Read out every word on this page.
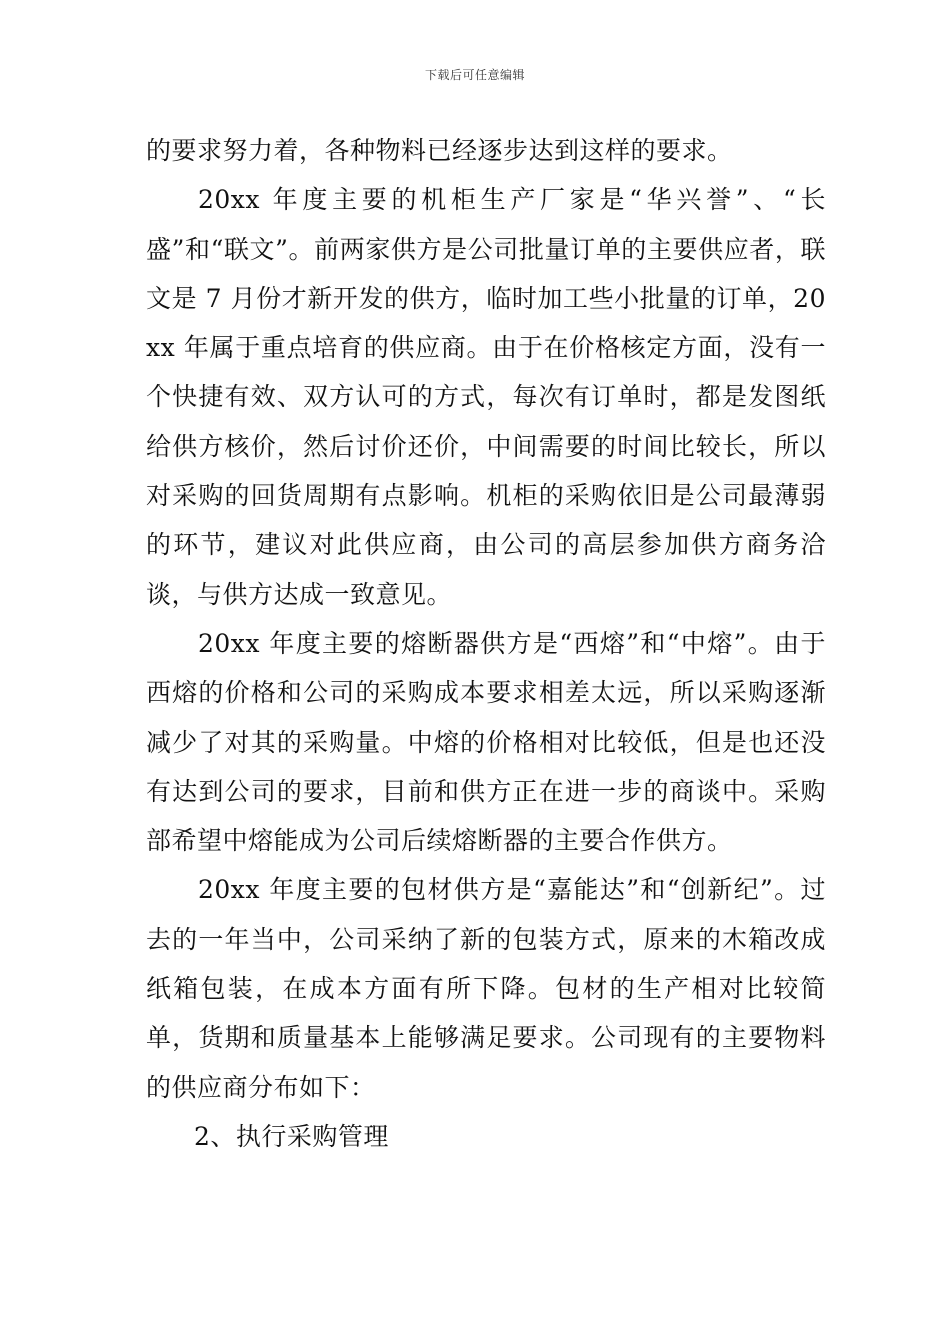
下载后可任意编辑

的要求努力着，各种物料已经逐步达到这样的要求。

20xx 年度主要的机柜生产厂家是“华兴誉”、“长盛”和“联文”。前两家供方是公司批量订单的主要供应者，联文是 7 月份才新开发的供方，临时加工些小批量的订单，20xx 年属于重点培育的供应商。由于在价格核定方面，没有一个快捷有效、双方认可的方式，每次有订单时，都是发图纸给供方核价，然后讨价还价，中间需要的时间比较长，所以对采购的回货周期有点影响。机柜的采购依旧是公司最薄弱的环节，建议对此供应商，由公司的高层参加供方商务洽谈，与供方达成一致意见。

20xx 年度主要的熔断器供方是“西熔”和“中熔”。由于西熔的价格和公司的采购成本要求相差太远，所以采购逐渐减少了对其的采购量。中熔的价格相对比较低，但是也还没有达到公司的要求，目前和供方正在进一步的商谈中。采购部希望中熔能成为公司后续熔断器的主要合作供方。

20xx 年度主要的包材供方是“嘉能达”和“创新纪”。过去的一年当中，公司采纳了新的包装方式，原来的木箱改成纸箱包装，在成本方面有所下降。包材的生产相对比较简单，货期和质量基本上能够满足要求。公司现有的主要物料的供应商分布如下：

2、执行采购管理
